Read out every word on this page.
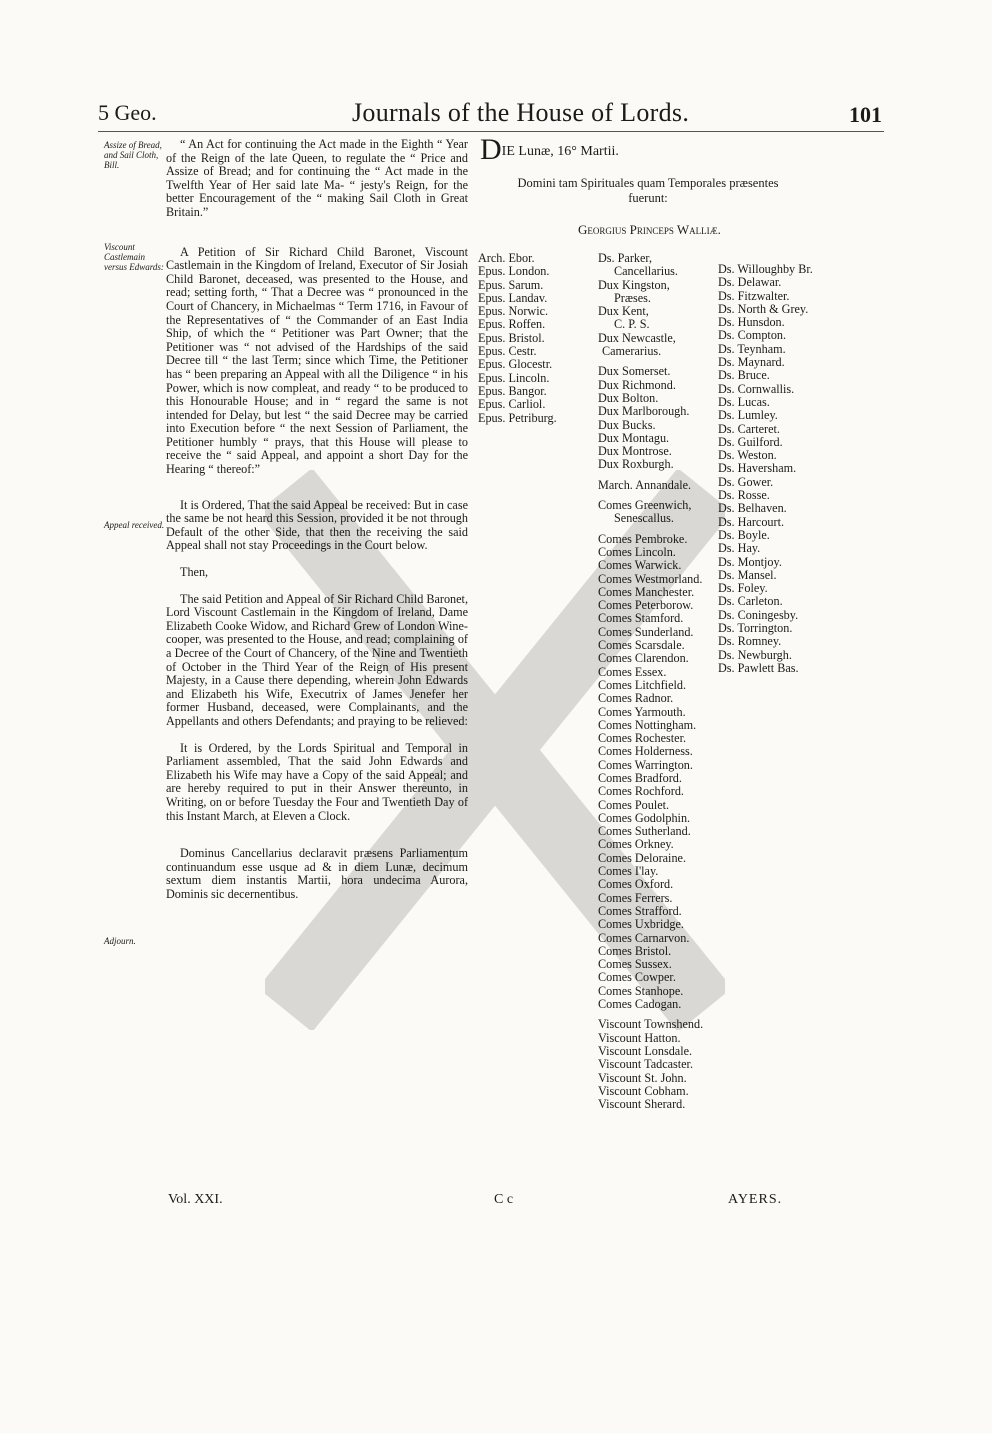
5 Geo.	Journals of the House of Lords.	101
Assize of Bread, and Sail Cloth, Bill.
Viscount Castlemain versus Edwards:
Appeal received.
Adjourn.

“ An Act for continuing the Act made in the Eighth “ Year of the Reign of the late Queen, to regulate the “ Price and Assize of Bread; and for continuing the “ Act made in the Twelfth Year of Her said late Ma- “ jesty's Reign, for the better Encouragement of the “ making Sail Cloth in Great Britain.”

A Petition of Sir Richard Child Baronet, Viscount Castlemain in the Kingdom of Ireland, Executor of Sir Josiah Child Baronet, deceased, was presented to the House, and read; setting forth, “ That a Decree was “ pronounced in the Court of Chancery, in Michaelmas “ Term 1716, in Favour of the Representatives of “ the Commander of an East India Ship, of which the “ Petitioner was Part Owner; that the Petitioner was “ not advised of the Hardships of the said Decree till “ the last Term; since which Time, the Petitioner has “ been preparing an Appeal with all the Diligence “ in his Power, which is now compleat, and ready “ to be produced to this Honourable House; and in “ regard the same is not intended for Delay, but lest “ the said Decree may be carried into Execution before “ the next Session of Parliament, the Petitioner humbly “ prays, that this House will please to receive the “ said Appeal, and appoint a short Day for the Hearing “ thereof:”

It is Ordered, That the said Appeal be received: But in case the same be not heard this Session, provided it be not through Default of the other Side, that then the receiving the said Appeal shall not stay Proceedings in the Court below.

Then,

The said Petition and Appeal of Sir Richard Child Baronet, Lord Viscount Castlemain in the Kingdom of Ireland, Dame Elizabeth Cooke Widow, and Richard Grew of London Wine-cooper, was presented to the House, and read; complaining of a Decree of the Court of Chancery, of the Nine and Twentieth of October in the Third Year of the Reign of His present Majesty, in a Cause there depending, wherein John Edwards and Elizabeth his Wife, Executrix of James Jenefer her former Husband, deceased, were Complainants, and the Appellants and others Defendants; and praying to be relieved:

It is Ordered, by the Lords Spiritual and Temporal in Parliament assembled, That the said John Edwards and Elizabeth his Wife may have a Copy of the said Appeal; and are hereby required to put in their Answer thereunto, in Writing, on or before Tuesday the Four and Twentieth Day of this Instant March, at Eleven a Clock.

Dominus Cancellarius declaravit præsens Parliamentum continuandum esse usque ad & in diem Lunæ, decimum sextum diem instantis Martii, hora undecima Aurora, Dominis sic decernentibus.

DIE Lunæ, 16° Martii.
Domini tam Spirituales quam Temporales præsentes fuerunt:
Georgius Princeps Walliæ.
Arch. Ebor.
Epus. London.
Epus. Sarum.
Epus. Landav.
Epus. Norwic.
Epus. Roffen.
Epus. Bristol.
Epus. Cestr.
Epus. Glocestr.
Epus. Lincoln.
Epus. Bangor.
Epus. Carliol.
Epus. Petriburg.
Ds. Parker,
Cancellarius.
Dux Kingston,
Præses.
Dux Kent,
C. P. S.
Dux Newcastle,
Camerarius.
Dux Somerset.
Dux Richmond.
Dux Bolton.
Dux Marlborough.
Dux Bucks.
Dux Montagu.
Dux Montrose.
Dux Roxburgh.
March. Annandale.
Comes Greenwich,
Senescallus.
Comes Pembroke.
Comes Lincoln.
Comes Warwick.
Comes Westmorland.
Comes Manchester.
Comes Peterborow.
Comes Stamford.
Comes Sunderland.
Comes Scarsdale.
Comes Clarendon.
Comes Essex.
Comes Litchfield.
Comes Radnor.
Comes Yarmouth.
Comes Nottingham.
Comes Rochester.
Comes Holderness.
Comes Warrington.
Comes Bradford.
Comes Rochford.
Comes Poulet.
Comes Godolphin.
Comes Sutherland.
Comes Orkney.
Comes Deloraine.
Comes I'lay.
Comes Oxford.
Comes Ferrers.
Comes Strafford.
Comes Uxbridge.
Comes Carnarvon.
Comes Bristol.
Comes Sussex.
Comes Cowper.
Comes Stanhope.
Comes Cadogan.
Viscount Townshend.
Viscount Hatton.
Viscount Lonsdale.
Viscount Tadcaster.
Viscount St. John.
Viscount Cobham.
Viscount Sherard.
Ds. Willoughby Br.
Ds. Delawar.
Ds. Fitzwalter.
Ds. North & Grey.
Ds. Hunsdon.
Ds. Compton.
Ds. Teynham.
Ds. Maynard.
Ds. Bruce.
Ds. Cornwallis.
Ds. Lucas.
Ds. Lumley.
Ds. Carteret.
Ds. Guilford.
Ds. Weston.
Ds. Haversham.
Ds. Gower.
Ds. Rosse.
Ds. Belhaven.
Ds. Harcourt.
Ds. Boyle.
Ds. Hay.
Ds. Montjoy.
Ds. Mansel.
Ds. Foley.
Ds. Carleton.
Ds. Coningesby.
Ds. Torrington.
Ds. Romney.
Ds. Newburgh.
Ds. Pawlett Bas.
Vol. XXI.	C c	AYERS.
